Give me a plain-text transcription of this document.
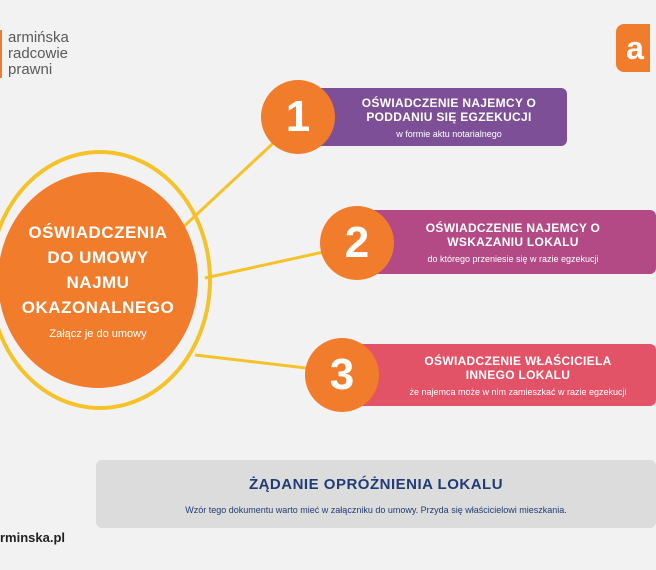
armińska
radcowie
prawni
a
OŚWIADCZENIA
DO UMOWY
NAJMU
OKAZONALNEGO
Załącz je do umowy
OŚWIADCZENIE NAJEMCY O
PODDANIU SIĘ EGZEKUCJI
w formie aktu notarialnego
1
OŚWIADCZENIE NAJEMCY O
WSKAZANIU LOKALU
do którego przeniesie się w razie egzekucji
2
OŚWIADCZENIE WŁAŚCICIELA
INNEGO LOKALU
że najemca może w nim zamieszkać w razie egzekucji
3
ŻĄDANIE OPRÓŻNIENIA LOKALU
Wzór tego dokumentu warto mieć w załączniku do umowy. Przyda się właścicielowi mieszkania.
rminska.pl
